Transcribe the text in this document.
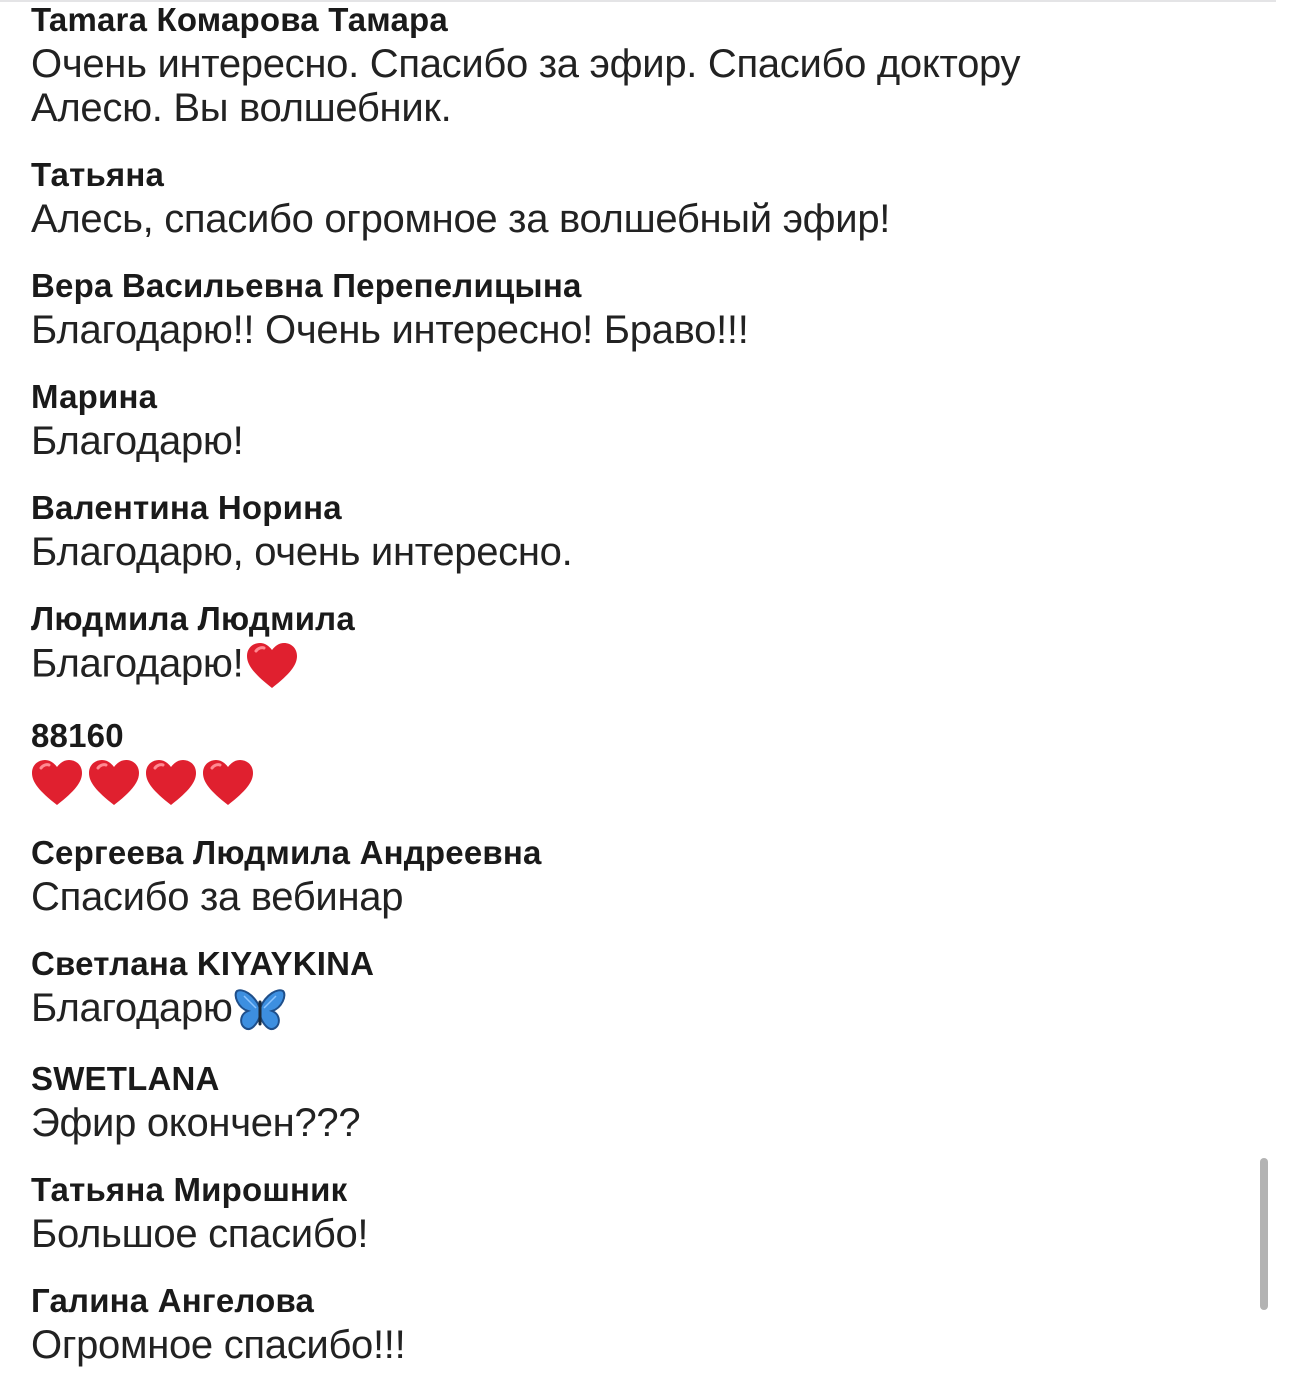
Tamara Комарова Тамара
Очень интересно. Спасибо за эфир. Спасибо доктору Алесю. Вы волшебник.
Татьяна
Алесь, спасибо огромное за волшебный эфир!
Вера Васильевна Перепелицына
Благодарю!! Очень интересно! Браво!!!
Марина
Благодарю!
Валентина Норина
Благодарю, очень интересно.
Людмила Людмила
Благодарю!
88160
Сергеева Людмила Андреевна
Спасибо за вебинар
Светлана KIYAYKINA
Благодарю
SWETLANA
Эфир окончен???
Татьяна Мирошник
Большое спасибо!
Галина Ангелова
Огромное спасибо!!!
